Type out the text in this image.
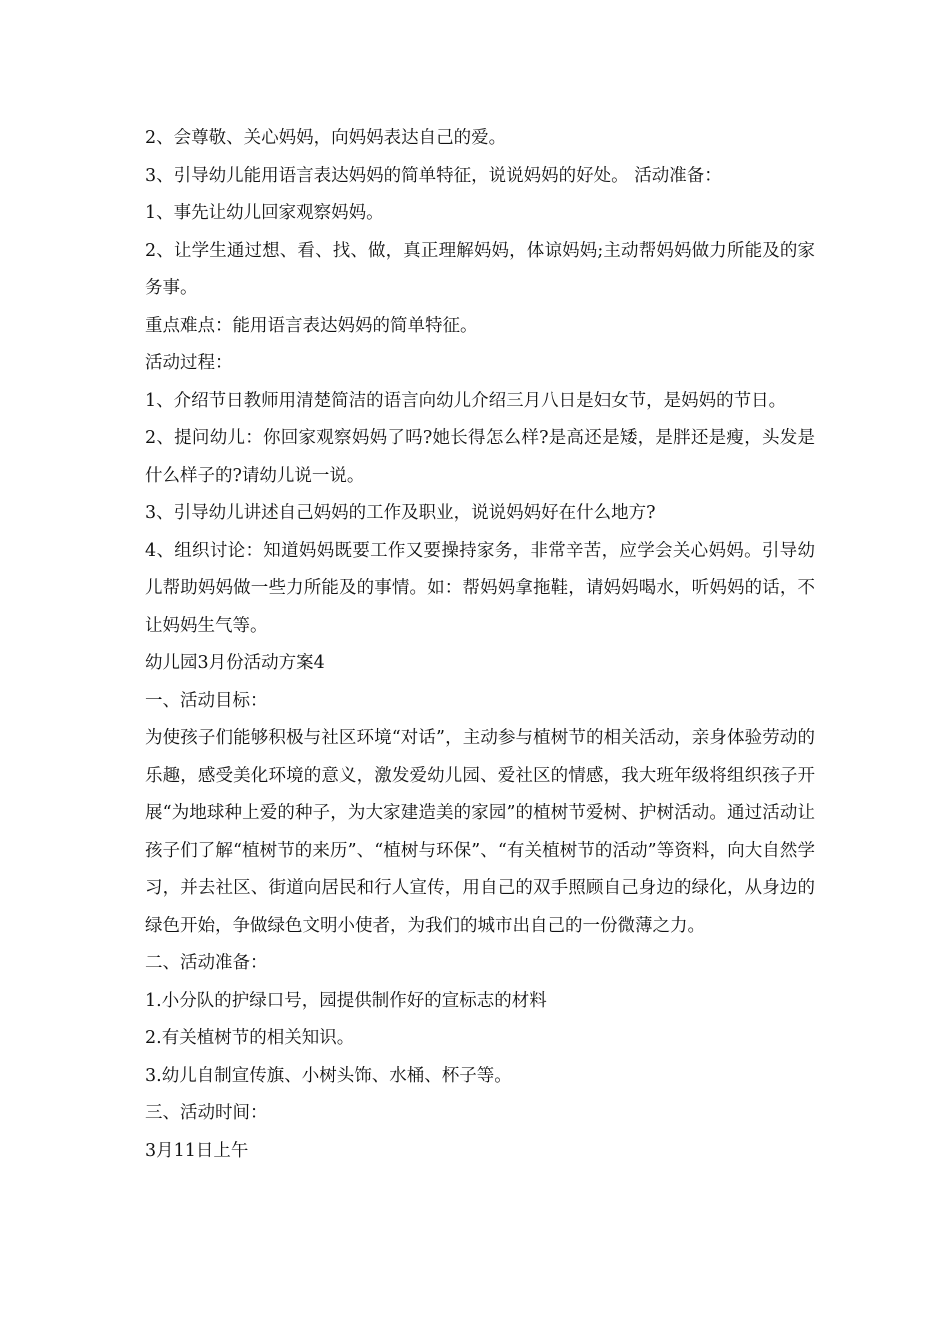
2、会尊敬、关心妈妈，向妈妈表达自己的爱。

3、引导幼儿能用语言表达妈妈的简单特征，说说妈妈的好处。 活动准备：

1、事先让幼儿回家观察妈妈。

2、让学生通过想、看、找、做，真正理解妈妈，体谅妈妈;主动帮妈妈做力所能及的家务事。

重点难点：能用语言表达妈妈的简单特征。

活动过程：

1、介绍节日教师用清楚简洁的语言向幼儿介绍三月八日是妇女节，是妈妈的节日。

2、提问幼儿：你回家观察妈妈了吗?她长得怎么样?是高还是矮，是胖还是瘦，头发是什么样子的?请幼儿说一说。

3、引导幼儿讲述自己妈妈的工作及职业，说说妈妈好在什么地方?

4、组织讨论：知道妈妈既要工作又要操持家务，非常辛苦，应学会关心妈妈。引导幼儿帮助妈妈做一些力所能及的事情。如：帮妈妈拿拖鞋，请妈妈喝水，听妈妈的话，不让妈妈生气等。

幼儿园3月份活动方案4

一、活动目标：

为使孩子们能够积极与社区环境“对话”，主动参与植树节的相关活动，亲身体验劳动的乐趣，感受美化环境的意义，激发爱幼儿园、爱社区的情感，我大班年级将组织孩子开展“为地球种上爱的种子，为大家建造美的家园”的植树节爱树、护树活动。通过活动让孩子们了解“植树节的来历”、“植树与环保”、“有关植树节的活动”等资料，向大自然学习，并去社区、街道向居民和行人宣传，用自己的双手照顾自己身边的绿化，从身边的绿色开始，争做绿色文明小使者，为我们的城市出自己的一份微薄之力。

二、活动准备：

1.小分队的护绿口号，园提供制作好的宣标志的材料

2.有关植树节的相关知识。

3.幼儿自制宣传旗、小树头饰、水桶、杯子等。

三、活动时间：

3月11日上午
